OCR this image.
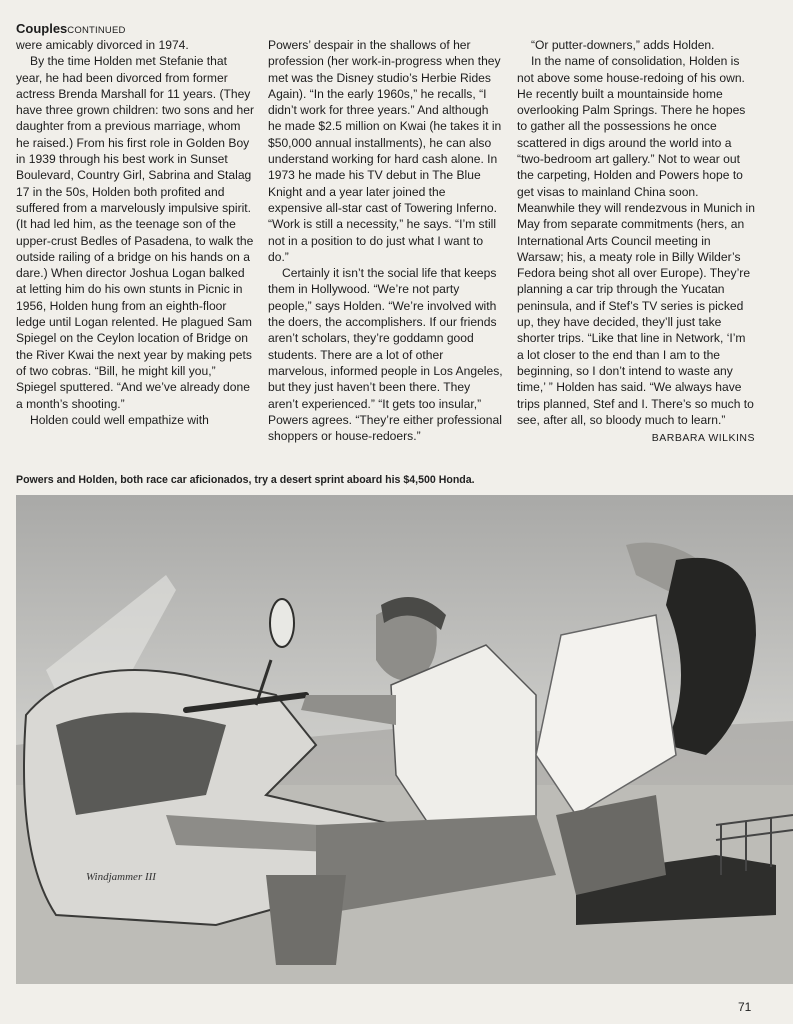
CouplesCONTINUED

were amicably divorced in 1974.

By the time Holden met Stefanie that year, he had been divorced from former actress Brenda Marshall for 11 years. (They have three grown children: two sons and her daughter from a previous marriage, whom he raised.) From his first role in Golden Boy in 1939 through his best work in Sunset Boulevard, Country Girl, Sabrina and Stalag 17 in the 50s, Holden both profited and suffered from a marvelously impulsive spirit. (It had led him, as the teenage son of the upper-crust Bedles of Pasadena, to walk the outside railing of a bridge on his hands on a dare.) When director Joshua Logan balked at letting him do his own stunts in Picnic in 1956, Holden hung from an eighth-floor ledge until Logan relented. He plagued Sam Spiegel on the Ceylon location of Bridge on the River Kwai the next year by making pets of two cobras. “Bill, he might kill you,” Spiegel sputtered. “And we’ve already done a month’s shooting.”

Holden could well empathize with

Powers’ despair in the shallows of her profession (her work-in-progress when they met was the Disney studio’s Herbie Rides Again). “In the early 1960s,” he recalls, “I didn’t work for three years.” And although he made $2.5 million on Kwai (he takes it in $50,000 annual installments), he can also understand working for hard cash alone. In 1973 he made his TV debut in The Blue Knight and a year later joined the expensive all-star cast of Towering Inferno. “Work is still a necessity,” he says. “I’m still not in a position to do just what I want to do.”

Certainly it isn’t the social life that keeps them in Hollywood. “We’re not party people,” says Holden. “We’re involved with the doers, the accomplishers. If our friends aren’t scholars, they’re goddamn good students. There are a lot of other marvelous, informed people in Los Angeles, but they just haven’t been there. They aren’t experienced.” “It gets too insular,” Powers agrees. “They’re either professional shoppers or house-redoers.”

“Or putter-downers,” adds Holden.

In the name of consolidation, Holden is not above some house-redoing of his own. He recently built a mountainside home overlooking Palm Springs. There he hopes to gather all the possessions he once scattered in digs around the world into a “two-bedroom art gallery.” Not to wear out the carpeting, Holden and Powers hope to get visas to mainland China soon. Meanwhile they will rendezvous in Munich in May from separate commitments (hers, an International Arts Council meeting in Warsaw; his, a meaty role in Billy Wilder’s Fedora being shot all over Europe). They’re planning a car trip through the Yucatan peninsula, and if Stef’s TV series is picked up, they have decided, they’ll just take shorter trips. “Like that line in Network, ‘I’m a lot closer to the end than I am to the beginning, so I don’t intend to waste any time,’ ” Holden has said. “We always have trips planned, Stef and I. There’s so much to see, after all, so bloody much to learn.”
BARBARA WILKINS

Powers and Holden, both race car aficionados, try a desert sprint aboard his $4,500 Honda.
Windjammer III
71
